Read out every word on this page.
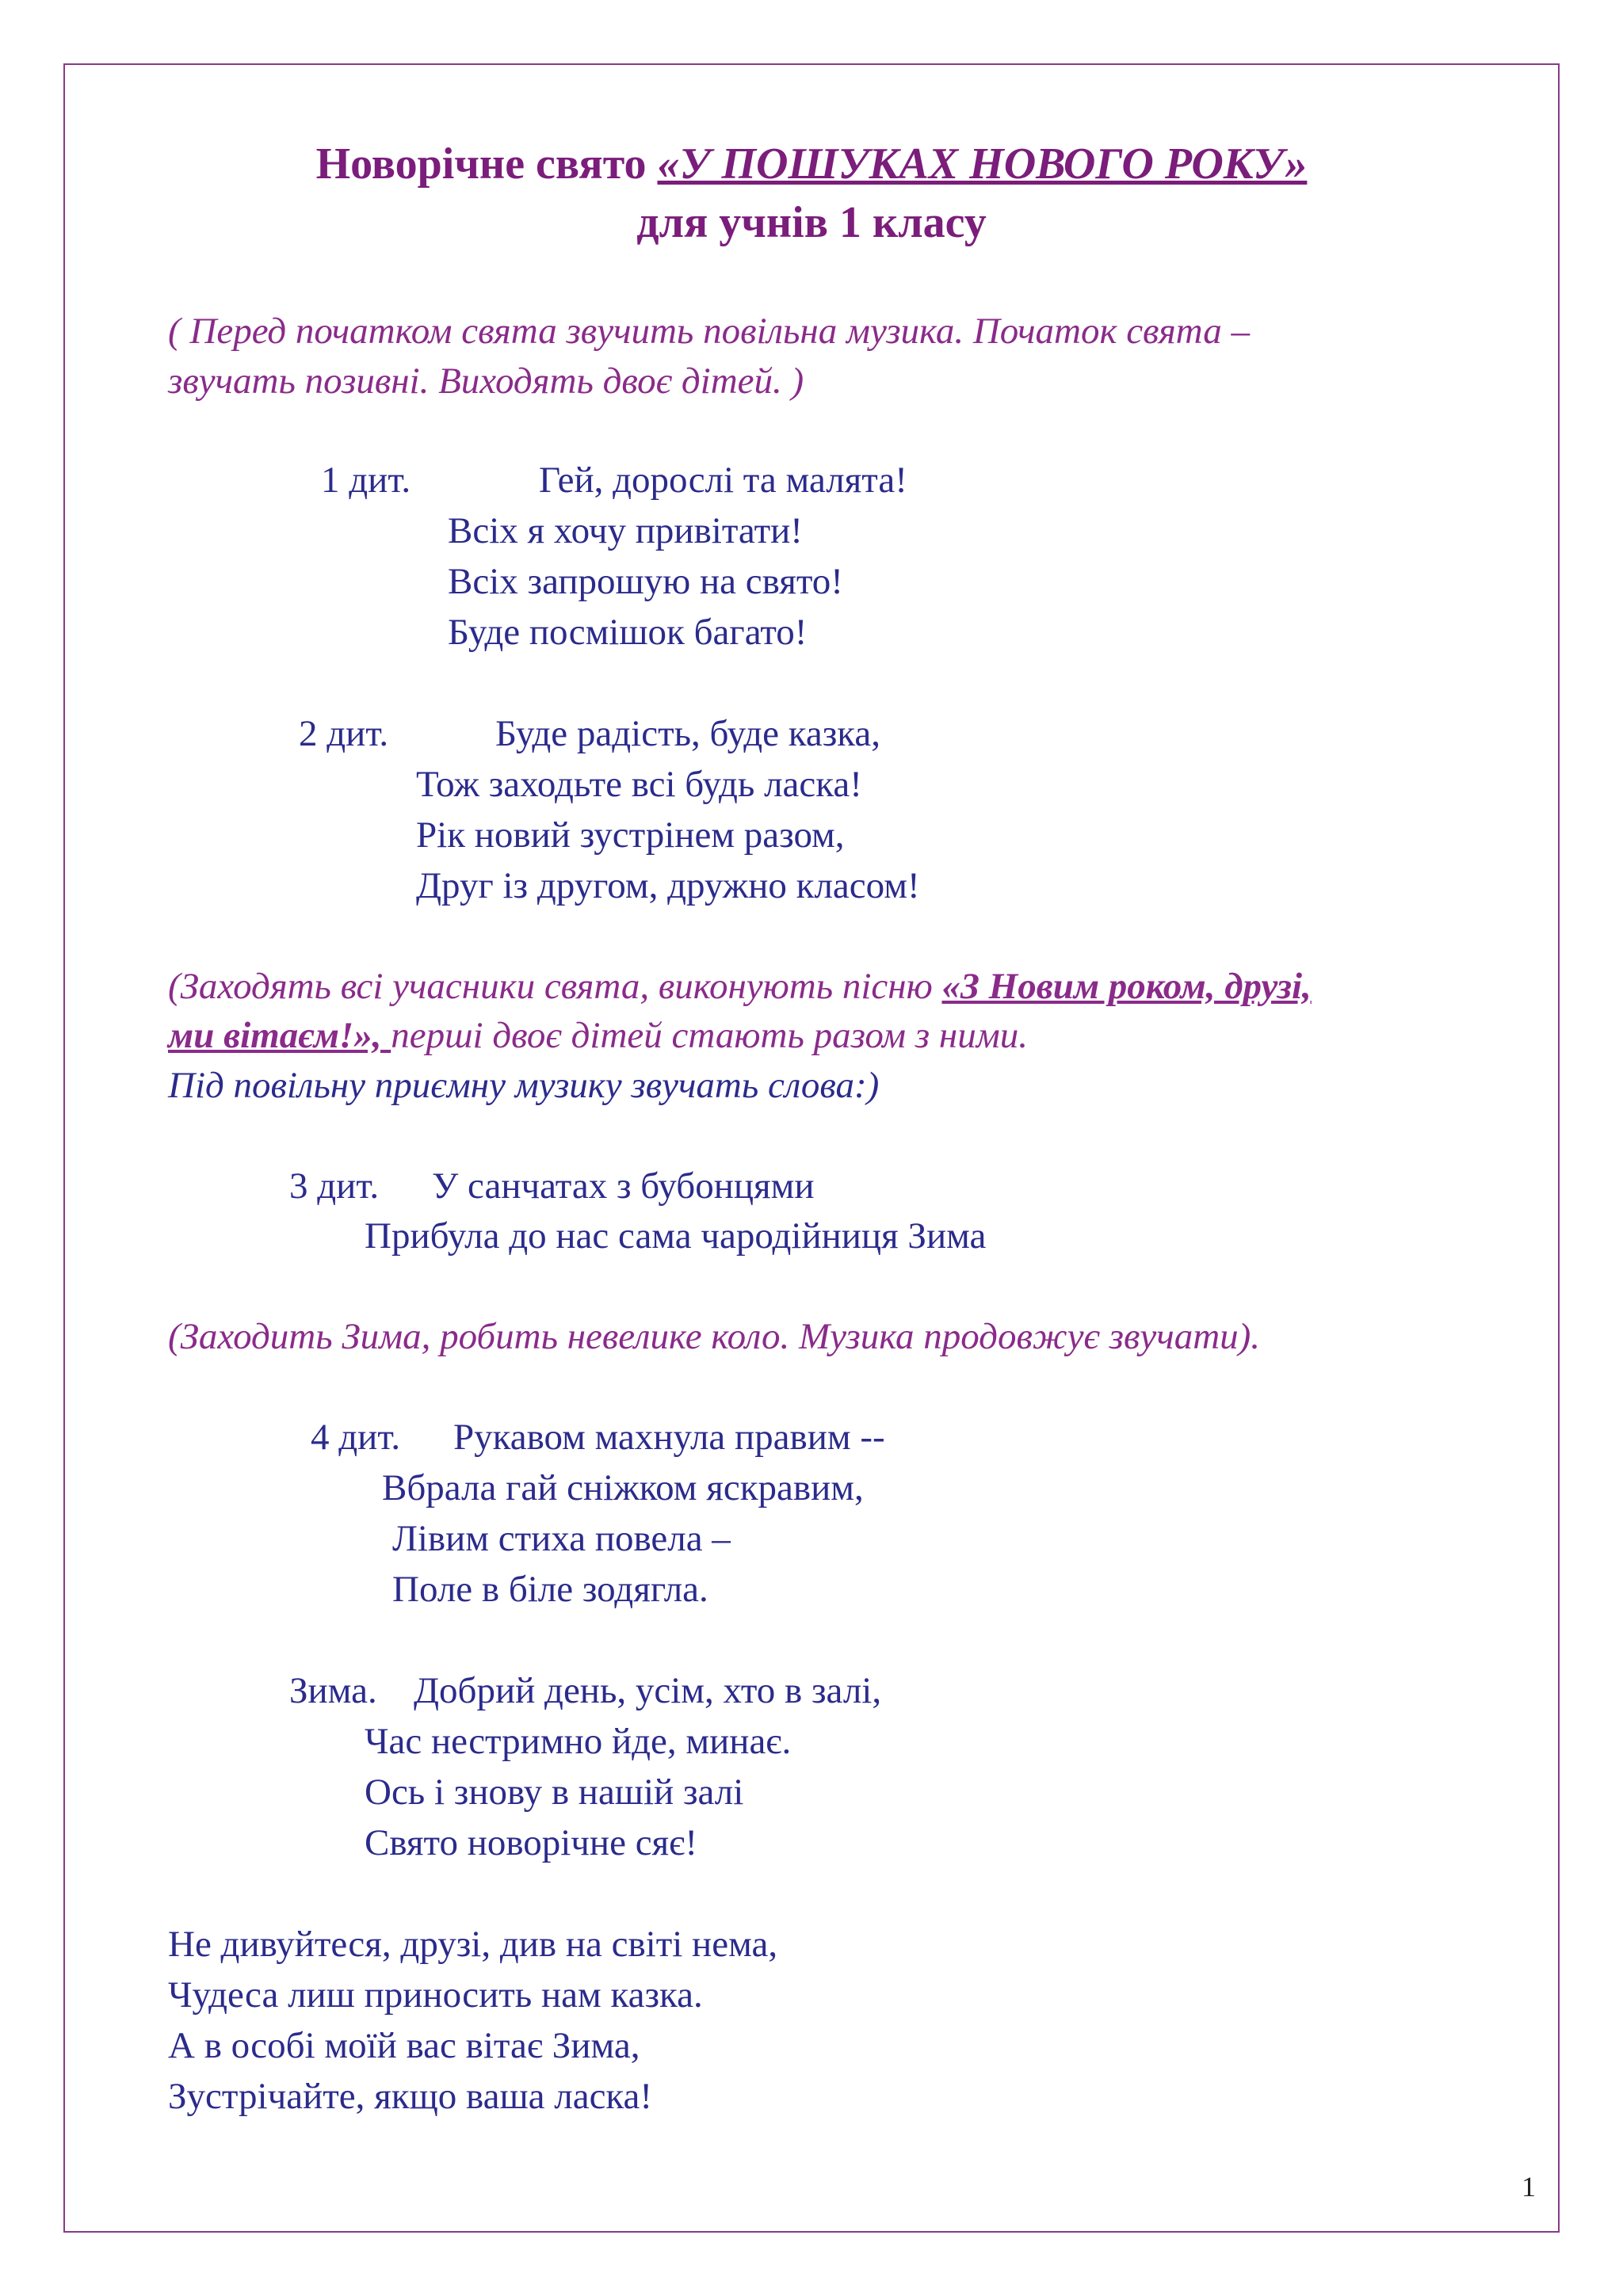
Новорічне свято «У ПОШУКАХ НОВОГО РОКУ»
для учнів 1 класу
( Перед початком свята звучить повільна музика. Початок свята –
звучать позивні. Виходять двоє дітей. )
1 дит.	Гей, дорослі та малята!
Всіх я хочу привітати!
Всіх запрошую на свято!
Буде посмішок багато!
2 дит.	Буде радість, буде казка,
Тож заходьте всі будь ласка!
Рік новий зустрінем разом,
Друг із другом, дружно класом!
(Заходять всі учасники свята, виконують пісню «З Новим роком, друзі,
ми вітаєм!», перші двоє дітей стають разом з ними.
Під повільну приємну музику звучать слова:)
3 дит. У санчатах з бубонцями
Прибула до нас сама чародійниця Зима
(Заходить Зима, робить невелике коло. Музика продовжує звучати).
4 дит. Рукавом махнула правим --
Вбрала гай сніжком яскравим,
Лівим стиха повела –
Поле в біле зодягла.
Зима. Добрий день, усім, хто в залі,
Час нестримно йде, минає.
Ось і знову в нашій залі
Свято новорічне сяє!
Не дивуйтеся, друзі, див на світі нема,
Чудеса лиш приносить нам казка.
А в особі моїй вас вітає Зима,
Зустрічайте, якщо ваша ласка!
1
